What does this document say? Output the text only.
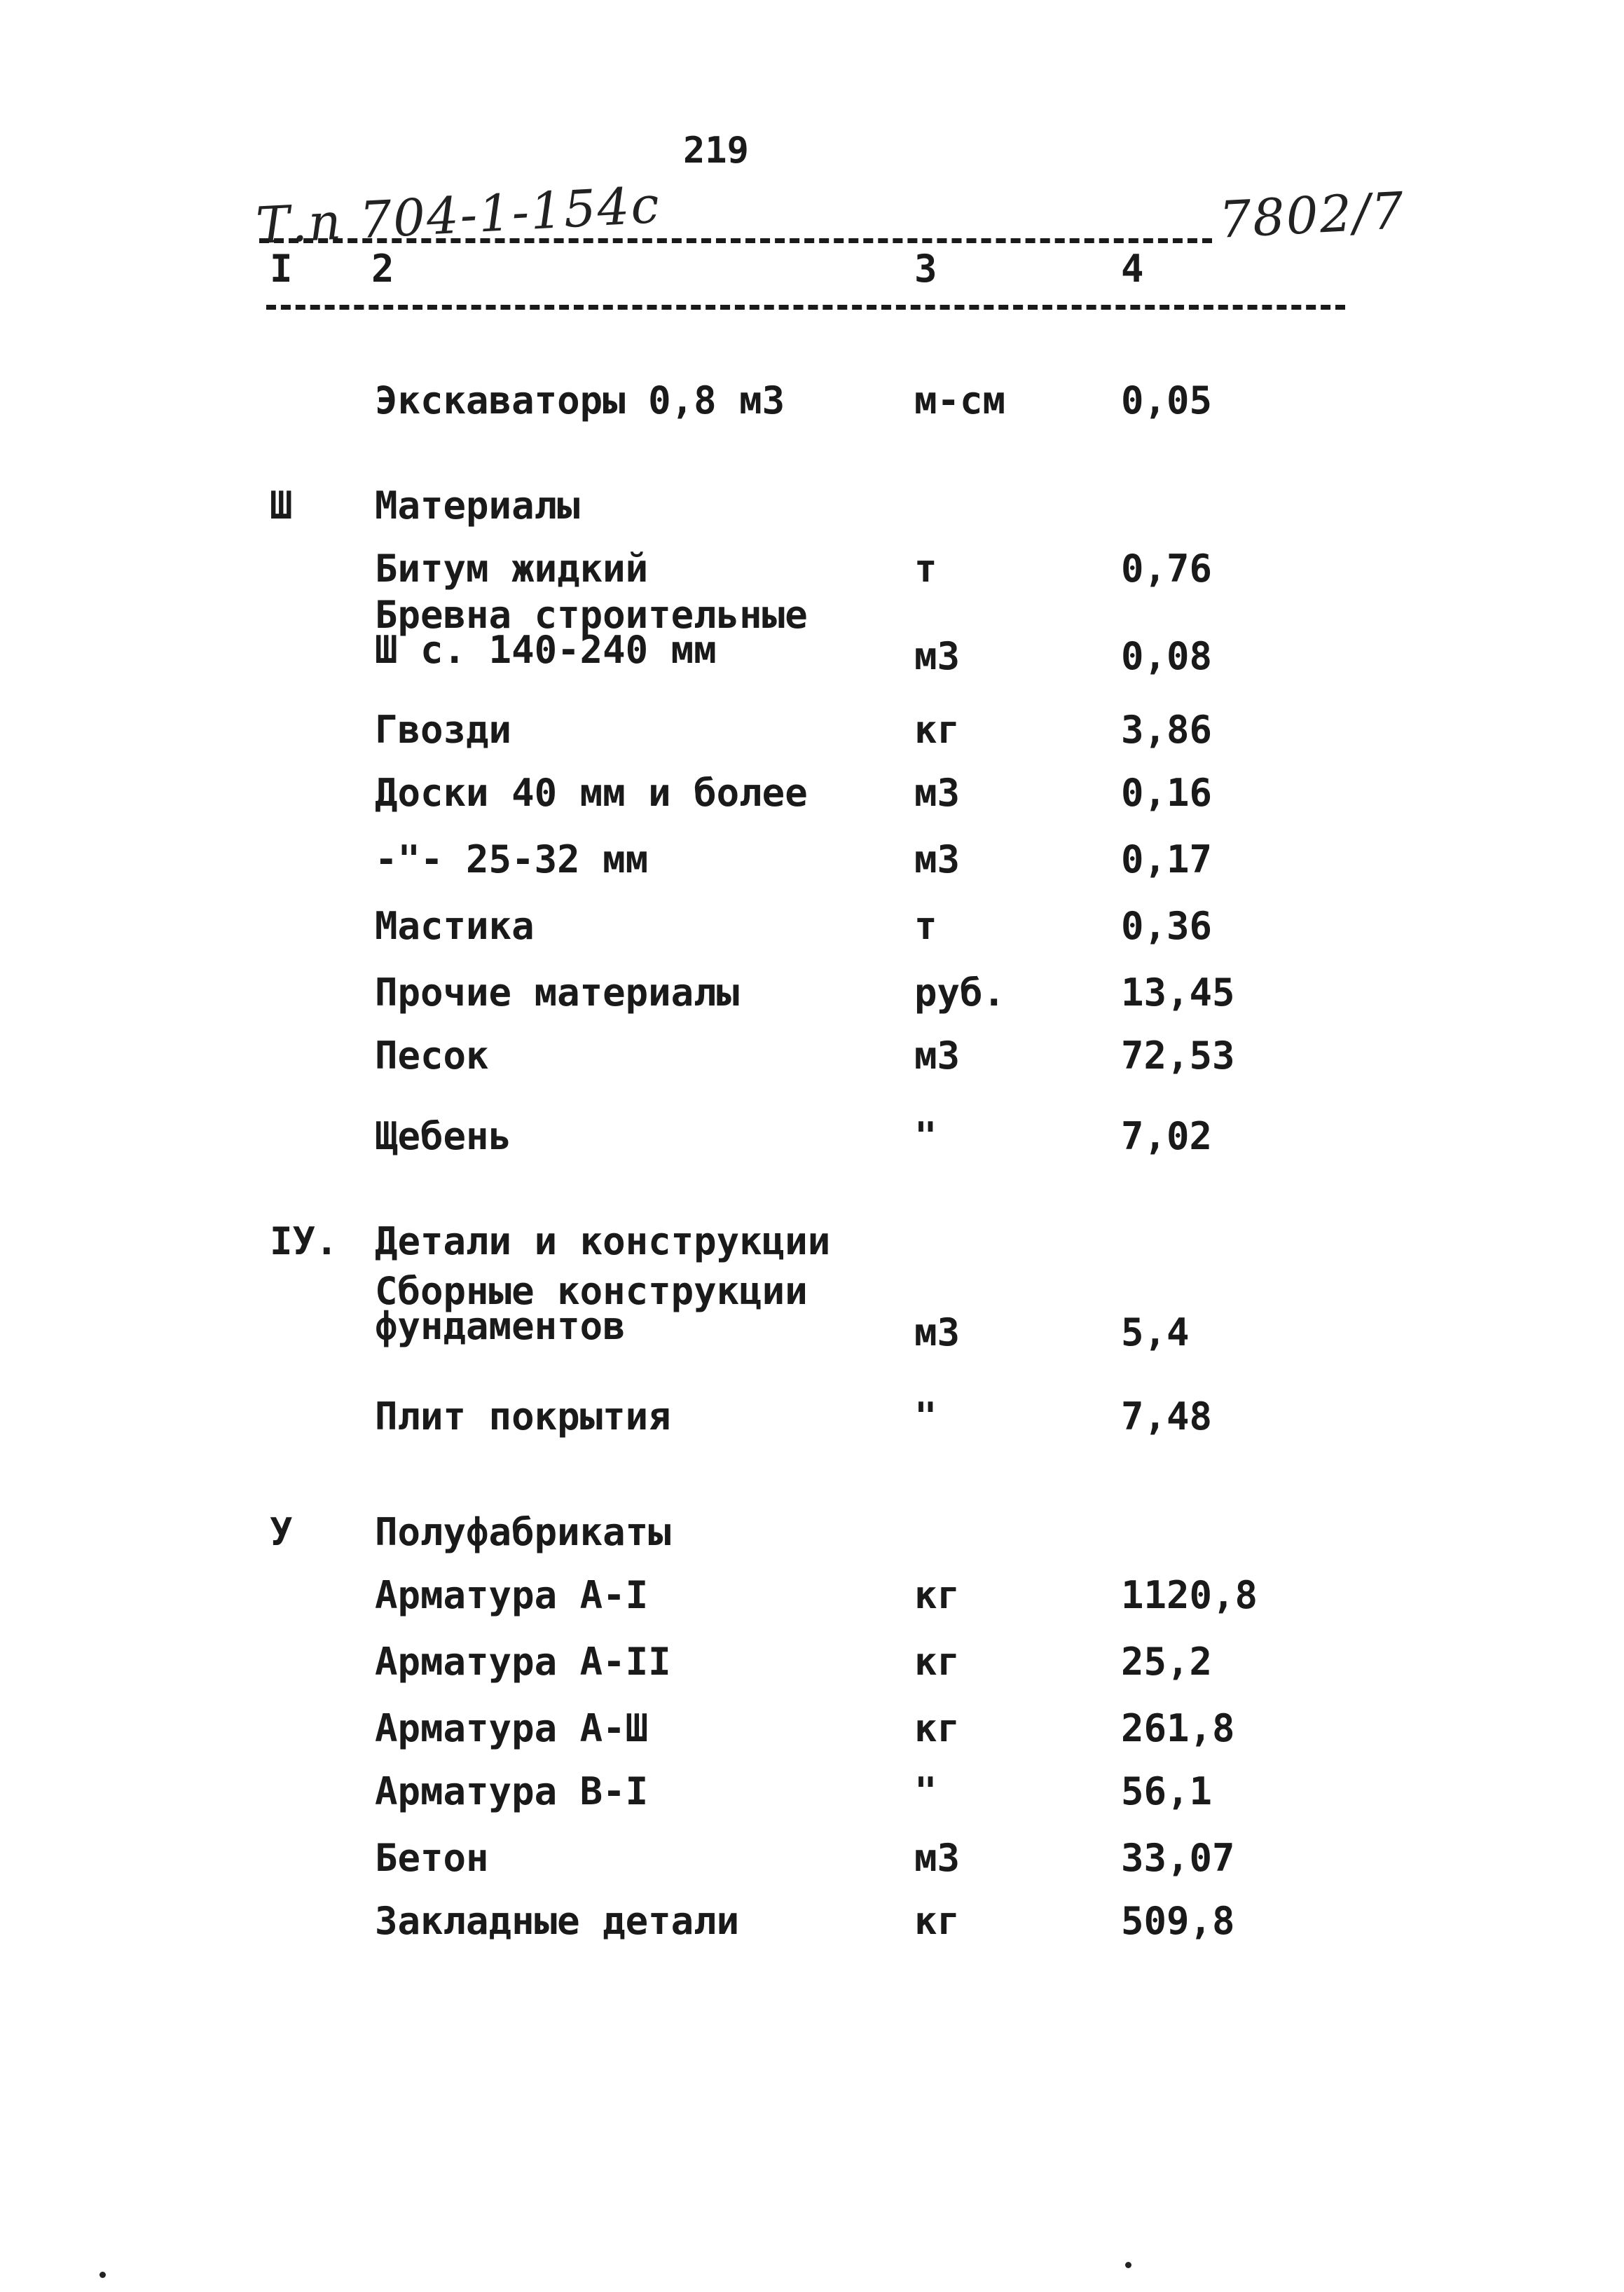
219
Т.п 704-1-154с	7802/7
I 2	3	4
Экскаваторы 0,8 м3	м-см	0,05
Ш Материалы
Битум жидкий	т	0,76
Бревна строительные
Ш с. 140-240 мм	м3	0,08
Гвозди	кг	3,86
Доски 40 мм и более	м3	0,16
-"- 25-32 мм	м3	0,17
Мастика	т	0,36
Прочие материалы	руб.	13,45
Песок	м3	72,53
Щебень	"	7,02
IУ. Детали и конструкции
Сборные конструкции
фундаментов	м3	5,4
Плит покрытия	"	7,48
У Полуфабрикаты
Арматура А-I	кг	1120,8
Арматура А-II	кг	25,2
Арматура А-Ш	кг	261,8
Арматура В-I	"	56,1
Бетон	м3	33,07
Закладные детали	кг	509,8
